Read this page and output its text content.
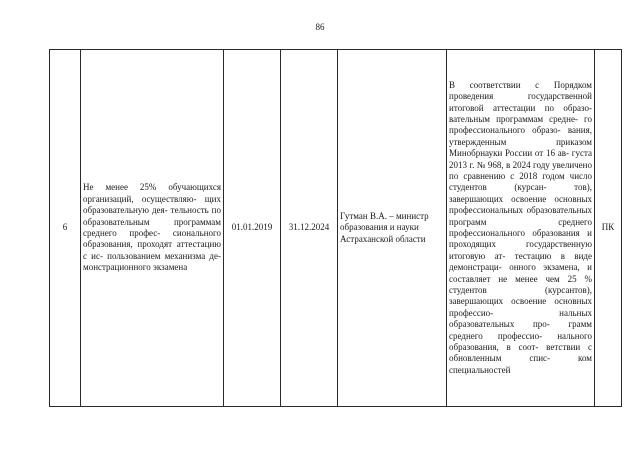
86
6	Не менее 25% обучающихся организаций, осуществляю- щих образовательную дея- тельность по образовательным программам среднего профес- сионального образования, проходят аттестацию с ис- пользованием механизма де- монстрационного экзамена	01.01.2019	31.12.2024	Гутман В.А. – министр образования и науки Астраханской области	В соответствии с Порядком проведения государственной итоговой аттестации по образо- вательным программам средне- го профессионального образо- вания, утвержденным приказом Минобрнауки России от 16 ав- густа 2013 г. № 968, в 2024 году увеличено по сравнению с 2018 годом число студентов (курсан- тов), завершающих освоение основных профессиональных образовательных программ среднего профессионального образования и проходящих государственную итоговую ат- тестацию в виде демонстраци- онного экзамена, и составляет не менее чем 25 % студентов (курсантов), завершающих освоение основных профессио- нальных образовательных про- грамм среднего профессио- нального образования, в соот- ветствии с обновленным спис- ком специальностей	ПК
